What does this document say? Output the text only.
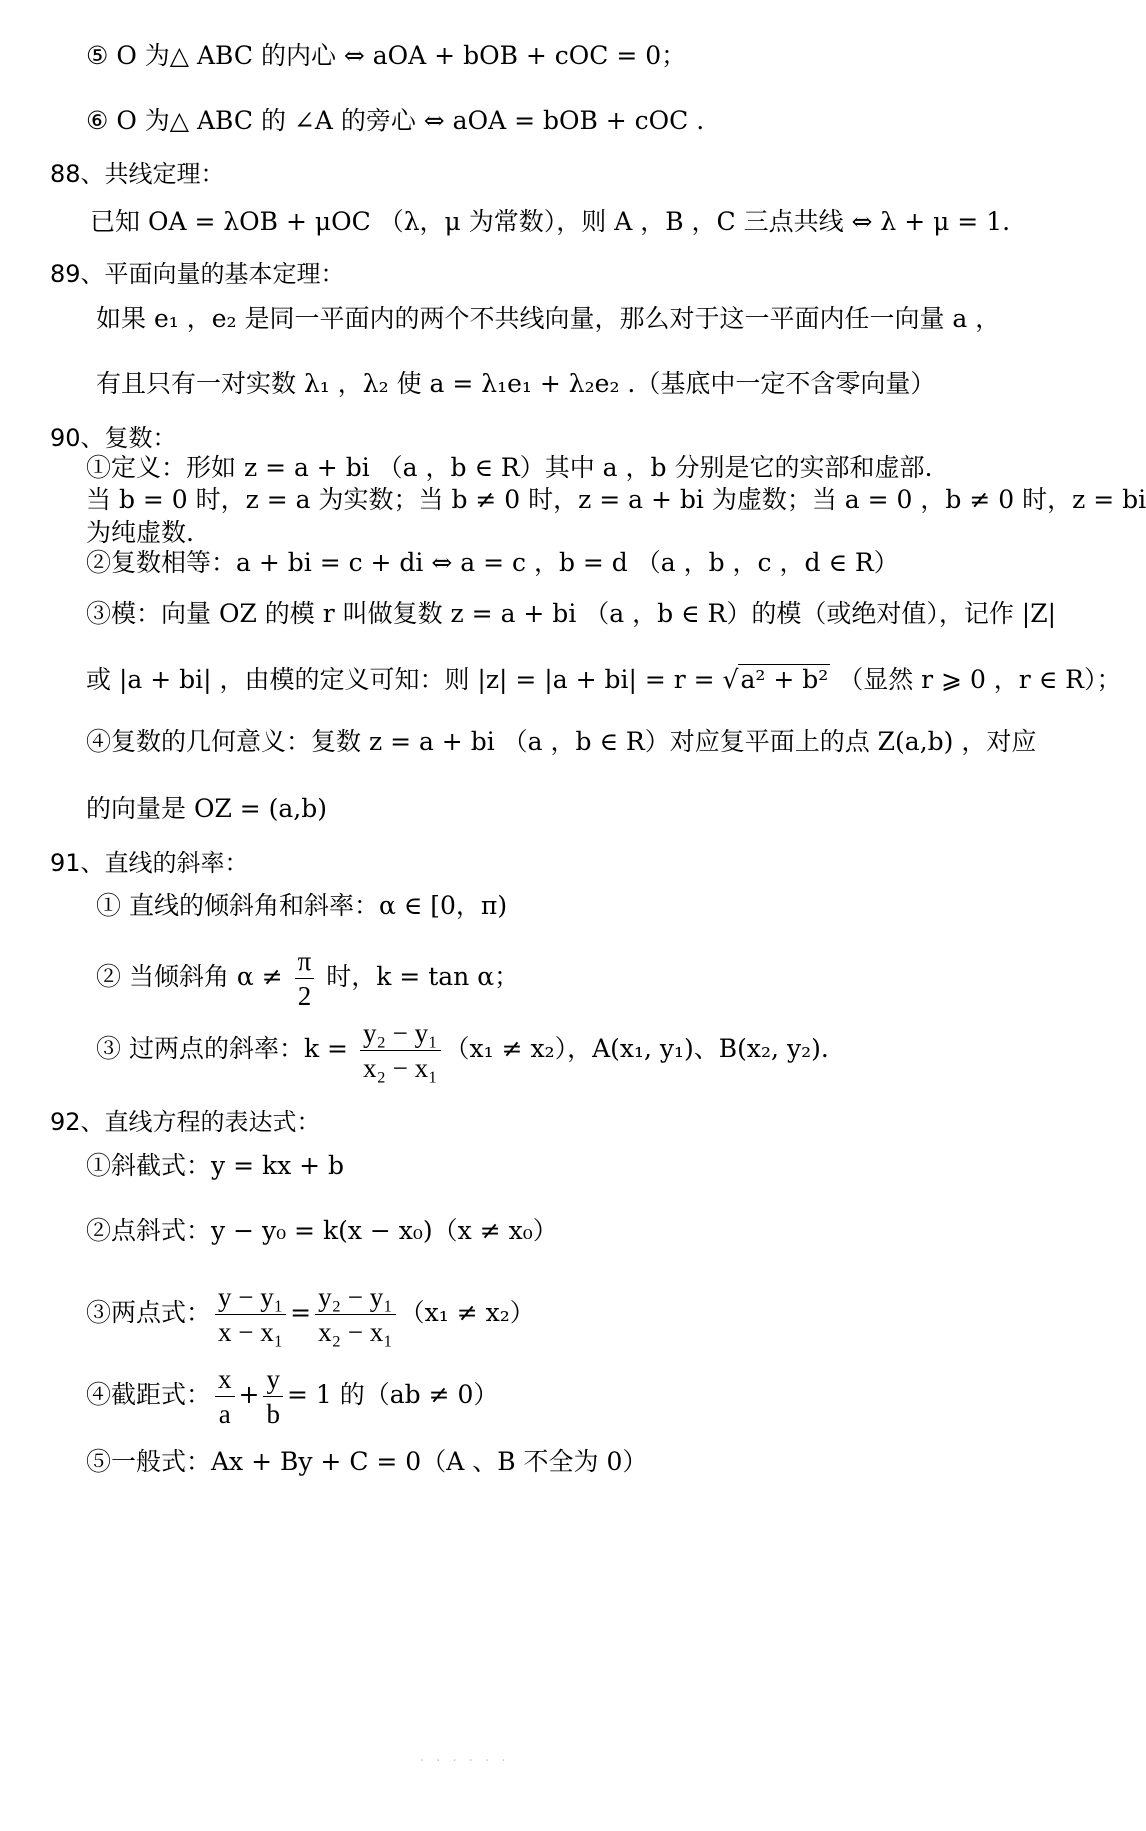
⑤ O 为△ ABC 的内心 ⇔ aOA + bOB + cOC = 0；
⑥ O 为△ ABC 的 ∠A 的旁心 ⇔ aOA = bOB + cOC .
88、共线定理：
已知 OA = λOB + μOC （λ，μ 为常数），则 A ，B ，C 三点共线 ⇔ λ + μ = 1.
89、平面向量的基本定理：
如果 e₁ ，e₂ 是同一平面内的两个不共线向量，那么对于这一平面内任一向量 a ，
有且只有一对实数 λ₁ ，λ₂ 使 a = λ₁e₁ + λ₂e₂ .（基底中一定不含零向量）
90、复数：
①定义：形如 z = a + bi （a ，b ∈ R）其中 a ，b 分别是它的实部和虚部.
当 b = 0 时，z = a 为实数；当 b ≠ 0 时，z = a + bi 为虚数；当 a = 0 ，b ≠ 0 时，z = bi
为纯虚数.
②复数相等：a + bi = c + di ⇔ a = c ，b = d （a ，b ，c ，d ∈ R）
③模：向量 OZ 的模 r 叫做复数 z = a + bi （a ，b ∈ R）的模（或绝对值），记作 |Z|
或 |a + bi| ，由模的定义可知：则 |z| = |a + bi| = r = √a² + b² （显然 r ⩾ 0 ，r ∈ R）；
④复数的几何意义：复数 z = a + bi （a ，b ∈ R）对应复平面上的点 Z(a,b) ，对应
的向量是 OZ = (a,b)
91、直线的斜率：
① 直线的倾斜角和斜率：α ∈ [0，π)
② 当倾斜角 $\alpha \ne \frac{\pi}{2}$ 时，k = tan α；
③ 过两点的斜率：$k = \frac{\text{y₂ − y₁}}{\text{x₂ − x₁}} (x_1 \ne x_2)$，A(x₁, y₁)、B(x₂, y₂).
92、直线方程的表达式：
①斜截式：y = kx + b
②点斜式：y − y₀ = k(x − x₀)（x ≠ x₀）
③两点式： $\frac{\text{y − y₁}}{\text{x − x₁}} = \frac{\text{y₂ − y₁}}{\text{x₂ − x₁}} (x_1 \ne x_2)$
④截距式： $\frac{x}{a} + \frac{y}{b} = 1$ 的（ab ≠ 0）
⑤一般式：Ax + By + C = 0（A 、B 不全为 0）
· · · · · ·
